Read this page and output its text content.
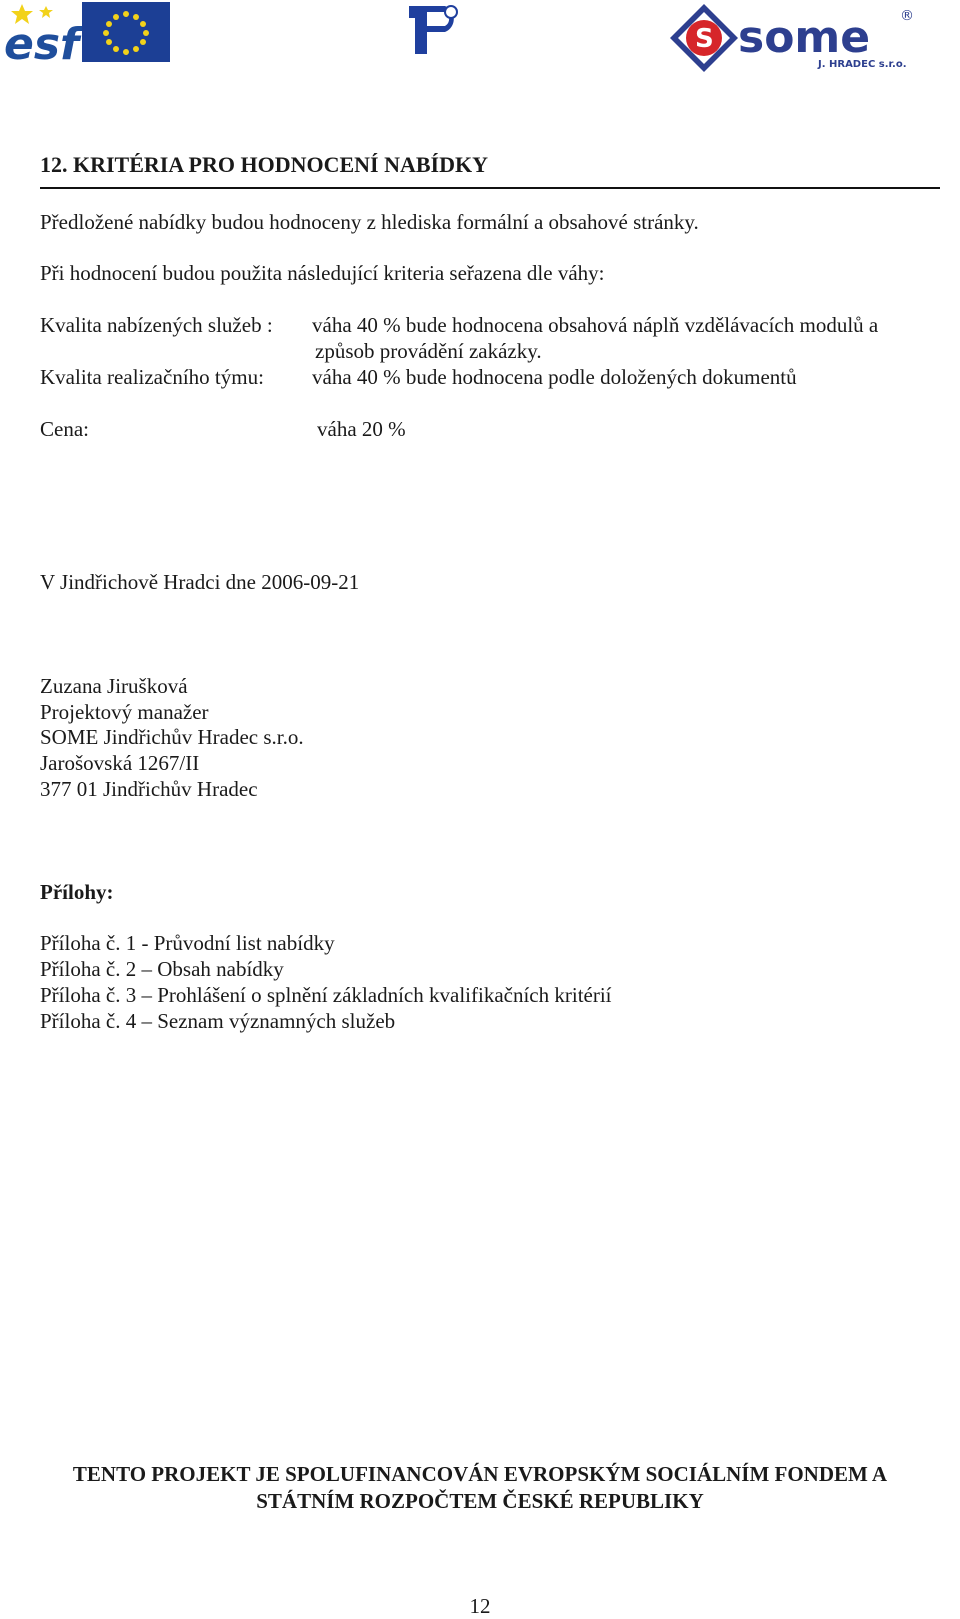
esf	S some ®
J. HRADEC s.r.o.
12. KRITÉRIA PRO HODNOCENÍ NABÍDKY
Předložené nabídky budou hodnoceny z hlediska formální a obsahové stránky.
Při hodnocení budou použita následující kriteria seřazena dle váhy:
Kvalita nabízených služeb : váha 40 % bude hodnocena obsahová náplň vzdělávacích modulů a
způsob provádění zakázky.
Kvalita realizačního týmu: váha 40 % bude hodnocena podle doložených dokumentů
Cena:	váha 20 %
V Jindřichově Hradci dne 2006-09-21
Zuzana Jirušková
Projektový manažer
SOME Jindřichův Hradec s.r.o.
Jarošovská 1267/II
377 01 Jindřichův Hradec
Přílohy:
Příloha č. 1 - Průvodní list nabídky
Příloha č. 2 – Obsah nabídky
Příloha č. 3 – Prohlášení o splnění základních kvalifikačních kritérií
Příloha č. 4 – Seznam významných služeb
TENTO PROJEKT JE SPOLUFINANCOVÁN EVROPSKÝM SOCIÁLNÍM FONDEM A
STÁTNÍM ROZPOČTEM ČESKÉ REPUBLIKY
12
